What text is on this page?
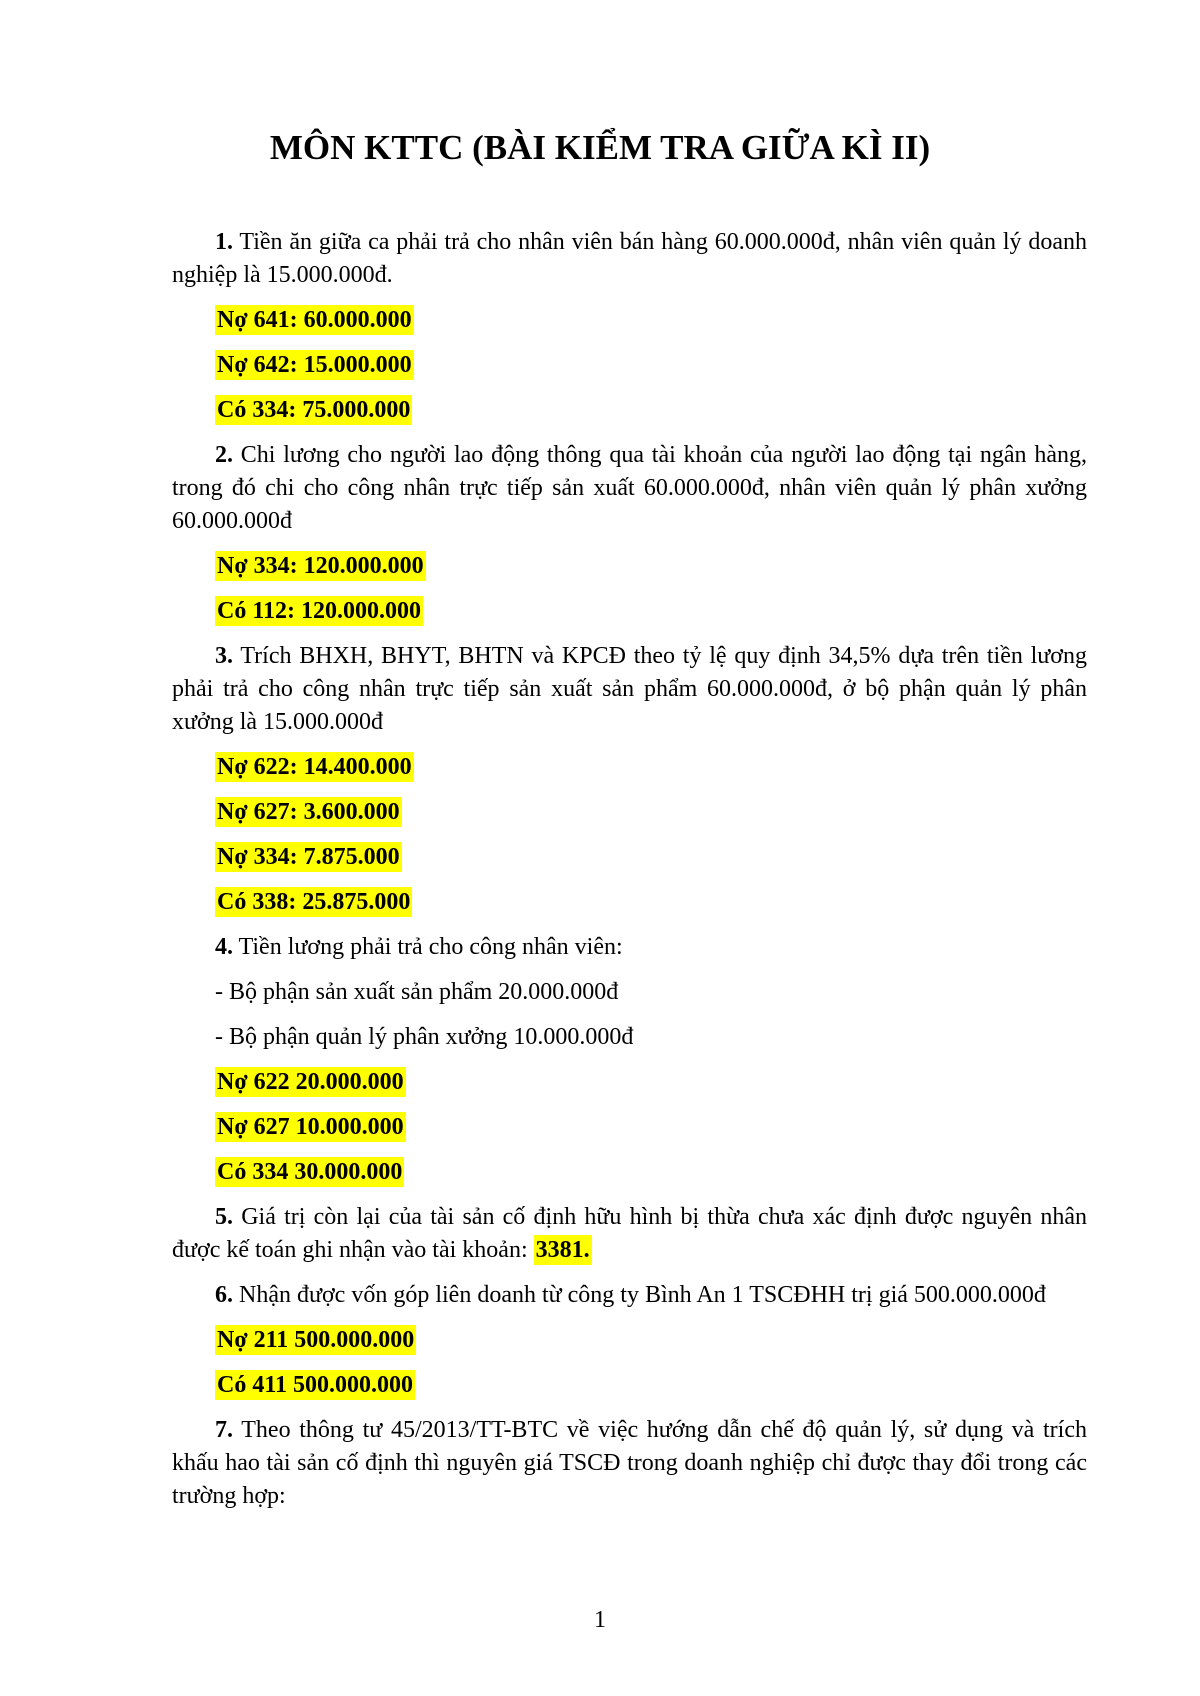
MÔN KTTC (BÀI KIỂM TRA GIỮA KÌ II)

1. Tiền ăn giữa ca phải trả cho nhân viên bán hàng 60.000.000đ, nhân viên quản lý doanh nghiệp là 15.000.000đ.

Nợ 641: 60.000.000
Nợ 642: 15.000.000
Có 334: 75.000.000

2. Chi lương cho người lao động thông qua tài khoản của người lao động tại ngân hàng, trong đó chi cho công nhân trực tiếp sản xuất 60.000.000đ, nhân viên quản lý phân xưởng 60.000.000đ

Nợ 334: 120.000.000
Có 112: 120.000.000

3. Trích BHXH, BHYT, BHTN và KPCĐ theo tỷ lệ quy định 34,5% dựa trên tiền lương phải trả cho công nhân trực tiếp sản xuất sản phẩm 60.000.000đ, ở bộ phận quản lý phân xưởng là 15.000.000đ

Nợ 622: 14.400.000
Nợ 627: 3.600.000
Nợ 334: 7.875.000
Có 338: 25.875.000

4. Tiền lương phải trả cho công nhân viên:

- Bộ phận sản xuất sản phẩm 20.000.000đ

- Bộ phận quản lý phân xưởng 10.000.000đ

Nợ 622 20.000.000
Nợ 627 10.000.000
Có 334 30.000.000

5. Giá trị còn lại của tài sản cố định hữu hình bị thừa chưa xác định được nguyên nhân được kế toán ghi nhận vào tài khoản: 3381.

6. Nhận được vốn góp liên doanh từ công ty Bình An 1 TSCĐHH trị giá 500.000.000đ

Nợ 211 500.000.000
Có 411 500.000.000

7. Theo thông tư 45/2013/TT-BTC về việc hướng dẫn chế độ quản lý, sử dụng và trích khấu hao tài sản cố định thì nguyên giá TSCĐ trong doanh nghiệp chỉ được thay đổi trong các trường hợp:

1
